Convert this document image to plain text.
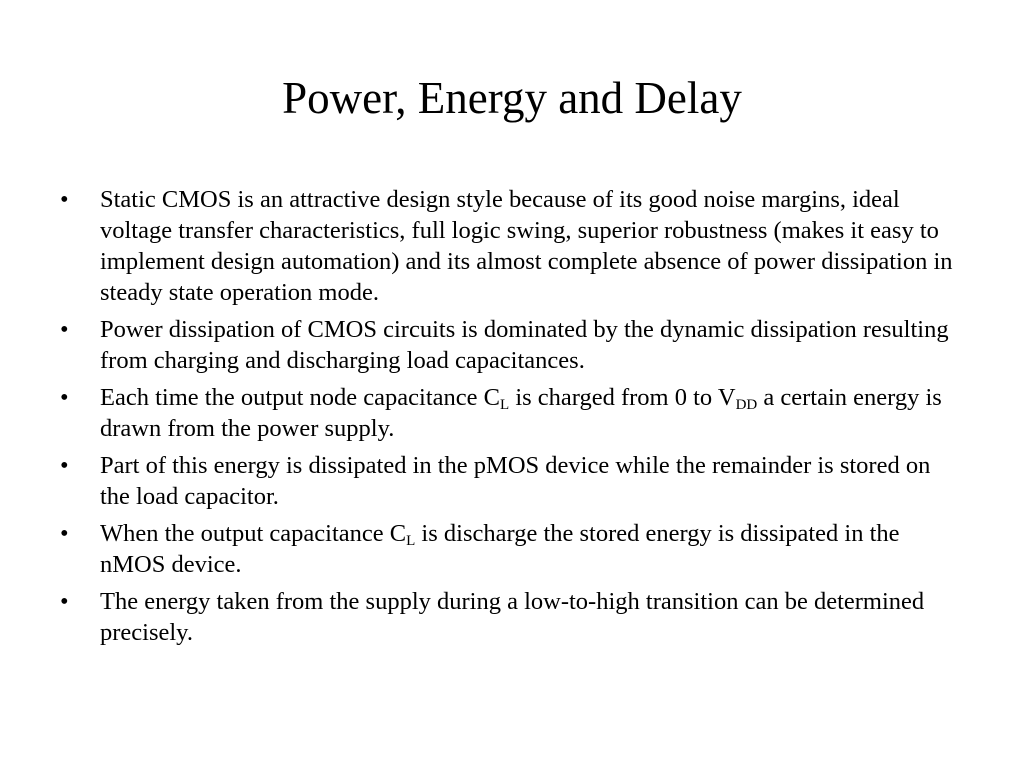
Power, Energy and Delay
•	Static CMOS is an attractive design style because of its good noise margins, ideal voltage transfer characteristics, full logic swing, superior robustness (makes it easy to implement design automation) and its almost complete absence of power dissipation in steady state operation mode.
•	Power dissipation of CMOS circuits is dominated by the dynamic dissipation resulting from charging and discharging load capacitances.
•	Each time the output node capacitance $C_L$ is charged from 0 to $V_{DD}$ a certain energy is drawn from the power supply.
•	Part of this energy is dissipated in the pMOS device while the remainder is stored on the load capacitor.
•	When the output capacitance $C_L$ is discharge the stored energy is dissipated in the nMOS device.
•	The energy taken from the supply during a low-to-high transition can be determined precisely.
